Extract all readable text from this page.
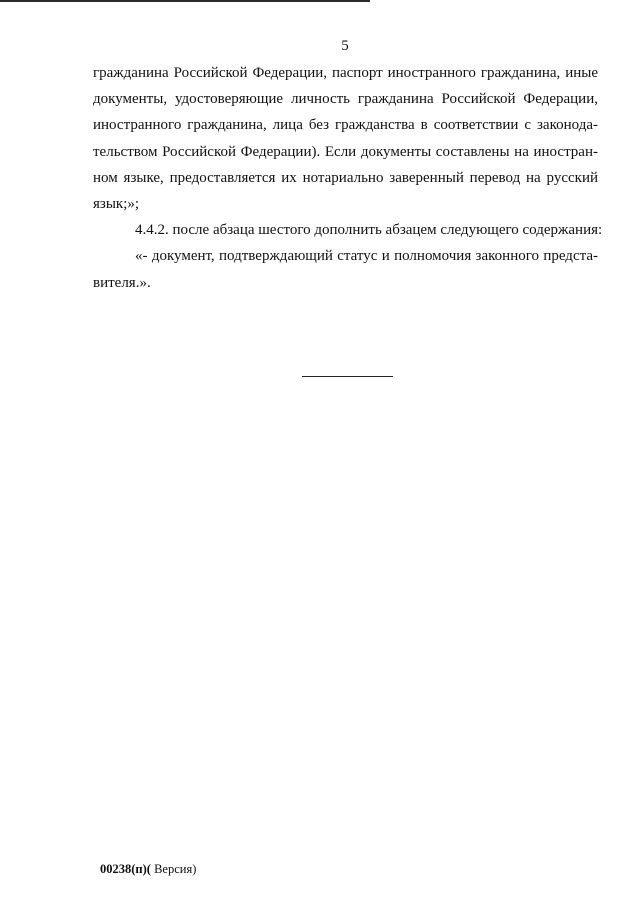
5
гражданина Российской Федерации, паспорт иностранного гражданина, иные
документы, удостоверяющие личность гражданина Российской Федерации,
иностранного гражданина, лица без гражданства в соответствии с законода-
тельством Российской Федерации). Если документы составлены на иностран-
ном языке, предоставляется их нотариально заверенный перевод на русский
язык;»;
4.4.2. после абзаца шестого дополнить абзацем следующего содержания:
«- документ, подтверждающий статус и полномочия законного предста-
вителя.».
00238(п)( Версия)
